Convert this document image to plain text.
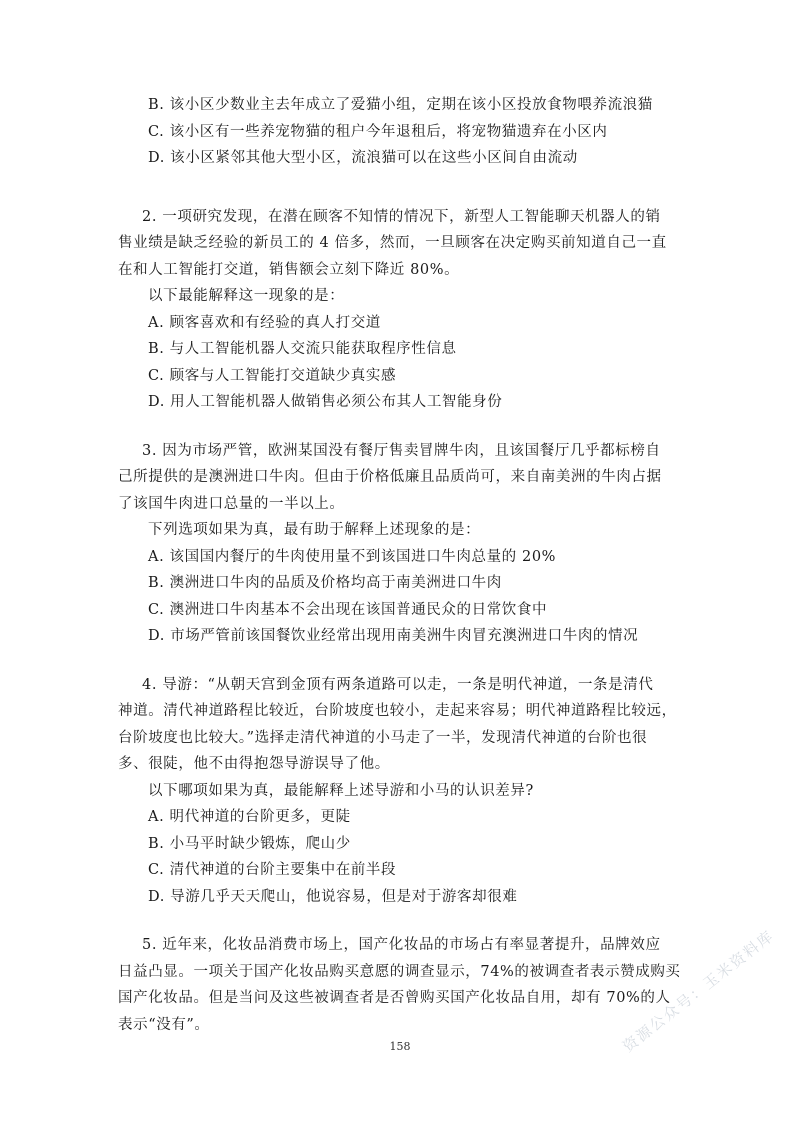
B. 该小区少数业主去年成立了爱猫小组，定期在该小区投放食物喂养流浪猫
C. 该小区有一些养宠物猫的租户今年退租后，将宠物猫遗弃在小区内
D. 该小区紧邻其他大型小区，流浪猫可以在这些小区间自由流动
2. 一项研究发现，在潜在顾客不知情的情况下，新型人工智能聊天机器人的销
售业绩是缺乏经验的新员工的 4 倍多，然而，一旦顾客在决定购买前知道自己一直
在和人工智能打交道，销售额会立刻下降近 80%。
以下最能解释这一现象的是：
A. 顾客喜欢和有经验的真人打交道
B. 与人工智能机器人交流只能获取程序性信息
C. 顾客与人工智能打交道缺少真实感
D. 用人工智能机器人做销售必须公布其人工智能身份
3. 因为市场严管，欧洲某国没有餐厅售卖冒牌牛肉，且该国餐厅几乎都标榜自
己所提供的是澳洲进口牛肉。但由于价格低廉且品质尚可，来自南美洲的牛肉占据
了该国牛肉进口总量的一半以上。
下列选项如果为真，最有助于解释上述现象的是：
A. 该国国内餐厅的牛肉使用量不到该国进口牛肉总量的 20%
B. 澳洲进口牛肉的品质及价格均高于南美洲进口牛肉
C. 澳洲进口牛肉基本不会出现在该国普通民众的日常饮食中
D. 市场严管前该国餐饮业经常出现用南美洲牛肉冒充澳洲进口牛肉的情况
4. 导游：“从朝天宫到金顶有两条道路可以走，一条是明代神道，一条是清代
神道。清代神道路程比较近，台阶坡度也较小，走起来容易；明代神道路程比较远，
台阶坡度也比较大。”选择走清代神道的小马走了一半，发现清代神道的台阶也很
多、很陡，他不由得抱怨导游误导了他。
以下哪项如果为真，最能解释上述导游和小马的认识差异?
A. 明代神道的台阶更多，更陡
B. 小马平时缺少锻炼，爬山少
C. 清代神道的台阶主要集中在前半段
D. 导游几乎天天爬山，他说容易，但是对于游客却很难
5. 近年来，化妆品消费市场上，国产化妆品的市场占有率显著提升，品牌效应
日益凸显。一项关于国产化妆品购买意愿的调查显示，74%的被调查者表示赞成购买
国产化妆品。但是当问及这些被调查者是否曾购买国产化妆品自用，却有 70%的人
表示“没有”。
158	资源公众号：玉米资料库
